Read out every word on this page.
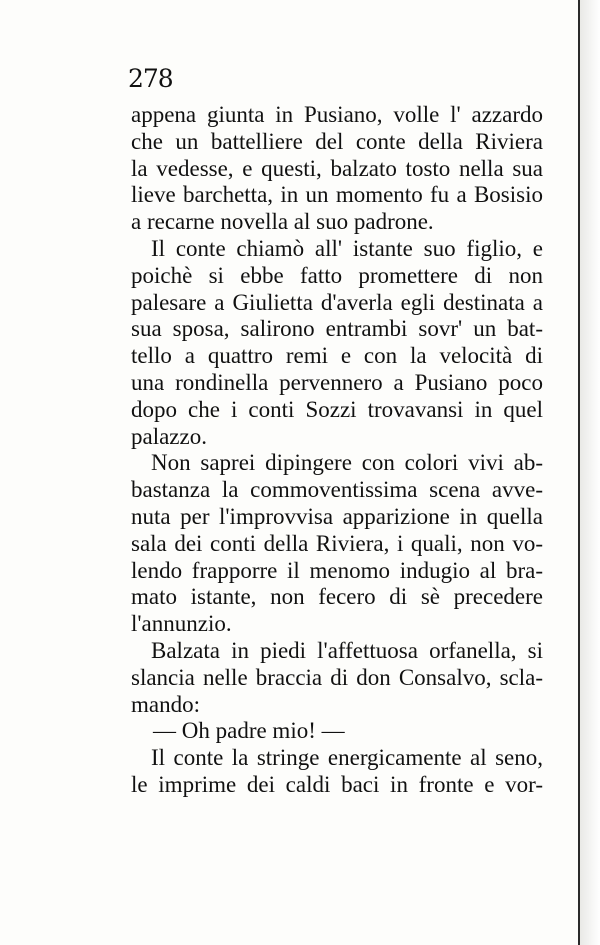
278
appena giunta in Pusiano, volle l' azzardo
che un battelliere del conte della Riviera
la vedesse, e questi, balzato tosto nella sua
lieve barchetta, in un momento fu a Bosisio
a recarne novella al suo padrone.
Il conte chiamò all' istante suo figlio, e
poichè si ebbe fatto promettere di non
palesare a Giulietta d'averla egli destinata a
sua sposa, salirono entrambi sovr' un bat-
tello a quattro remi e con la velocità di
una rondinella pervennero a Pusiano poco
dopo che i conti Sozzi trovavansi in quel
palazzo.
Non saprei dipingere con colori vivi ab-
bastanza la commoventissima scena avve-
nuta per l'improvvisa apparizione in quella
sala dei conti della Riviera, i quali, non vo-
lendo frapporre il menomo indugio al bra-
mato istante, non fecero di sè precedere
l'annunzio.
Balzata in piedi l'affettuosa orfanella, si
slancia nelle braccia di don Consalvo, scla-
mando:
— Oh padre mio! —
Il conte la stringe energicamente al seno,
le imprime dei caldi baci in fronte e vor-
